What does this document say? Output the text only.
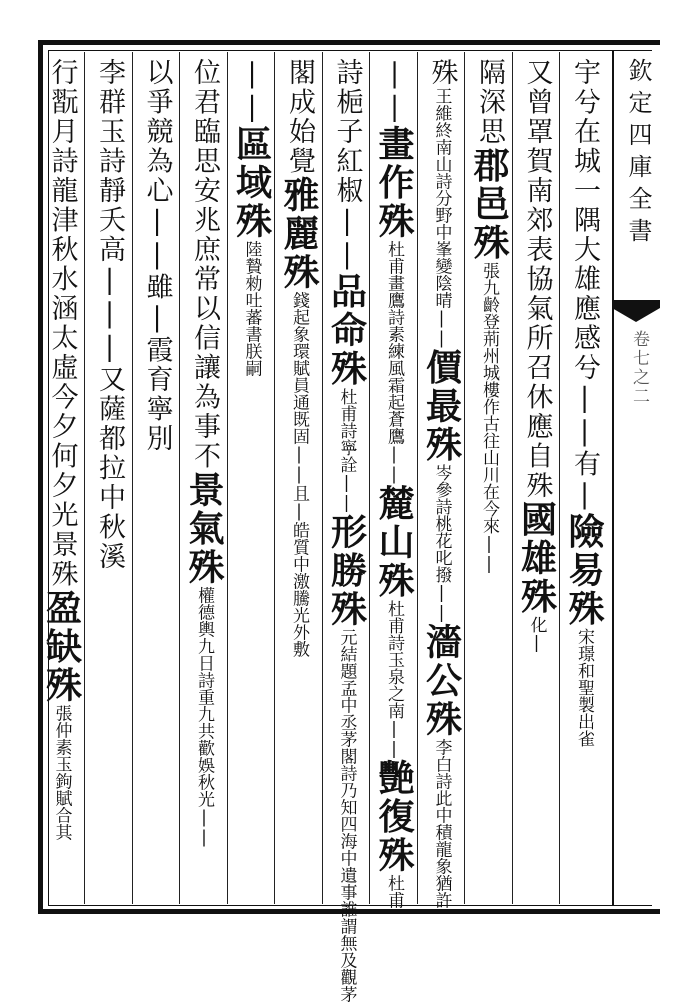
欽定四庫全書
卷七之二
宇兮在城一隅大雄應感兮||有|險易殊宋璟和聖製出雀
又曾罩賀南郊表協氣所召休應自殊國雄殊化|
隔深思郡邑殊張九齡登荊州城樓作古往山川在今來||
殊王維終南山詩分野中峯變陰晴||價最殊岑參詩桃花叱撥||濇公殊李白詩此中積龍象猶許
||畫作殊杜甫畫鷹詩素練風霜起蒼鷹||麓山殊杜甫詩玉泉之南||艷復殊杜甫
詩梔子紅椒||品命殊杜甫詩寧詮||形勝殊元結題孟中丞茅閣詩乃知四海中遺事誰謂無及觀茅
閣成始覺雅麗殊錢起象環賦員通既固||且|皓質中激騰光外敷
||區域殊陸贄勑吐蕃書朕嗣
位君臨思安兆庶常以信讓為事不景氣殊權德輿九日詩重九共歡娛秋光||
以爭競為心||雖|霞育寧別
李群玉詩靜夭高|||又薩都拉中秋溪
行翫月詩龍津秋水涵太虛今夕何夕光景殊盈缺殊張仲素玉鉤賦合其
